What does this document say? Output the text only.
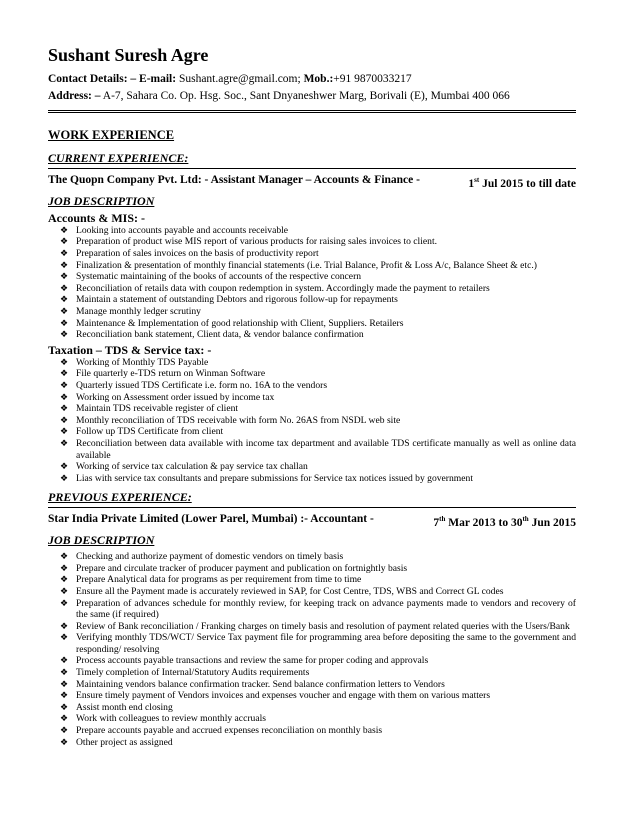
Sushant Suresh Agre
Contact Details: – E-mail: Sushant.agre@gmail.com; Mob.:+91 9870033217
Address: – A-7, Sahara Co. Op. Hsg. Soc., Sant Dnyaneshwer Marg, Borivali (E), Mumbai 400 066
WORK EXPERIENCE
CURRENT EXPERIENCE:
The Quopn Company Pvt. Ltd: - Assistant Manager – Accounts & Finance -	1st Jul 2015 to till date
JOB DESCRIPTION
Accounts & MIS: -
❖ Looking into accounts payable and accounts receivable
❖ Preparation of product wise MIS report of various products for raising sales invoices to client.
❖ Preparation of sales invoices on the basis of productivity report
❖ Finalization & presentation of monthly financial statements (i.e. Trial Balance, Profit & Loss A/c, Balance Sheet & etc.)
❖ Systematic maintaining of the books of accounts of the respective concern
❖ Reconciliation of retails data with coupon redemption in system. Accordingly made the payment to retailers
❖ Maintain a statement of outstanding Debtors and rigorous follow-up for repayments
❖ Manage monthly ledger scrutiny
❖ Maintenance & Implementation of good relationship with Client, Suppliers. Retailers
❖ Reconciliation bank statement, Client data, & vendor balance confirmation
Taxation – TDS & Service tax: -
❖ Working of Monthly TDS Payable
❖ File quarterly e-TDS return on Winman Software
❖ Quarterly issued TDS Certificate i.e. form no. 16A to the vendors
❖ Working on Assessment order issued by income tax
❖ Maintain TDS receivable register of client
❖ Monthly reconciliation of TDS receivable with form No. 26AS from NSDL web site
❖ Follow up TDS Certificate from client
❖ Reconciliation between data available with income tax department and available TDS certificate manually as well as online data available
❖ Working of service tax calculation & pay service tax challan
❖ Lias with service tax consultants and prepare submissions for Service tax notices issued by government
PREVIOUS EXPERIENCE:
Star India Private Limited (Lower Parel, Mumbai) :- Accountant -	7th Mar 2013 to 30th Jun 2015
JOB DESCRIPTION
❖ Checking and authorize payment of domestic vendors on timely basis
❖ Prepare and circulate tracker of producer payment and publication on fortnightly basis
❖ Prepare Analytical data for programs as per requirement from time to time
❖ Ensure all the Payment made is accurately reviewed in SAP, for Cost Centre, TDS, WBS and Correct GL codes
❖ Preparation of advances schedule for monthly review, for keeping track on advance payments made to vendors and recovery of the same (if required)
❖ Review of Bank reconciliation / Franking charges on timely basis and resolution of payment related queries with the Users/Bank
❖ Verifying monthly TDS/WCT/ Service Tax payment file for programming area before depositing the same to the government and responding/ resolving
❖ Process accounts payable transactions and review the same for proper coding and approvals
❖ Timely completion of Internal/Statutory Audits requirements
❖ Maintaining vendors balance confirmation tracker. Send balance confirmation letters to Vendors
❖ Ensure timely payment of Vendors invoices and expenses voucher and engage with them on various matters
❖ Assist month end closing
❖ Work with colleagues to review monthly accruals
❖ Prepare accounts payable and accrued expenses reconciliation on monthly basis
❖ Other project as assigned
